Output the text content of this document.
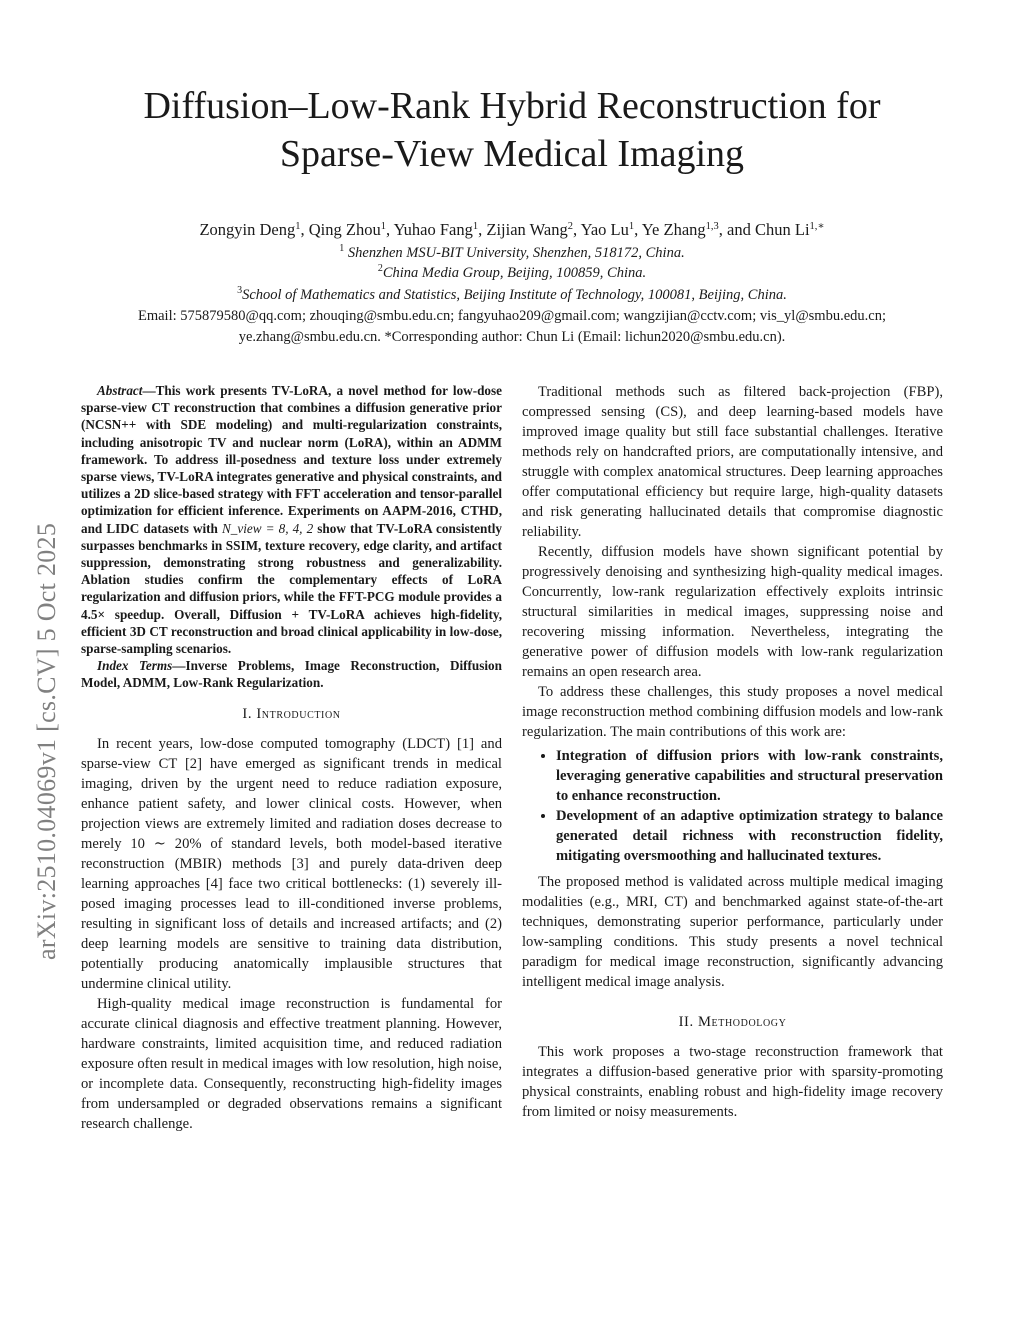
Diffusion–Low-Rank Hybrid Reconstruction for
Sparse-View Medical Imaging
Zongyin Deng$^1$, Qing Zhou$^1$, Yuhao Fang$^1$, Zijian Wang$^2$, Yao Lu$^1$, Ye Zhang$^{1,3}$, and Chun $Li^{1,∗}$
$^1$ Shenzhen MSU-BIT University, Shenzhen, 518172, China.
$^2$China Media Group, Beijing, 100859, China.
$^3$School of Mathematics and Statistics, Beijing Institute of Technology, 100081, Beijing, China.
Email: 575879580@qq.com; zhouqing@smbu.edu.cn; fangyuhao209@gmail.com; wangzijian@cctv.com; vis_yl@smbu.edu.cn;
ye.zhang@smbu.edu.cn. *Corresponding author: Chun Li (Email: lichun2020@smbu.edu.cn).
arXiv:2510.04069v1 [cs.CV] 5 Oct 2025

Abstract—This work presents TV-LoRA, a novel method for low-dose sparse-view CT reconstruction that combines a diffusion generative prior (NCSN++ with SDE modeling) and multi-regularization constraints, including anisotropic TV and nuclear norm (LoRA), within an ADMM framework. To address ill-posedness and texture loss under extremely sparse views, TV-LoRA integrates generative and physical constraints, and utilizes a 2D slice-based strategy with FFT acceleration and tensor-parallel optimization for efficient inference. Experiments on AAPM-2016, CTHD, and LIDC datasets with N_view = 8, 4, 2 show that TV-LoRA consistently surpasses benchmarks in SSIM, texture recovery, edge clarity, and artifact suppression, demonstrating strong robustness and generalizability. Ablation studies confirm the complementary effects of LoRA regularization and diffusion priors, while the FFT-PCG module provides a 4.5× speedup. Overall, Diffusion + TV-LoRA achieves high-fidelity, efficient 3D CT reconstruction and broad clinical applicability in low-dose, sparse-sampling scenarios.

Index Terms—Inverse Problems, Image Reconstruction, Diffusion Model, ADMM, Low-Rank Regularization.

I. Introduction

In recent years, low-dose computed tomography (LDCT) [1] and sparse-view CT [2] have emerged as significant trends in medical imaging, driven by the urgent need to reduce radiation exposure, enhance patient safety, and lower clinical costs. However, when projection views are extremely limited and radiation doses decrease to merely 10 ∼ 20% of standard levels, both model-based iterative reconstruction (MBIR) methods [3] and purely data-driven deep learning approaches [4] face two critical bottlenecks: (1) severely ill-posed imaging processes lead to ill-conditioned inverse problems, resulting in significant loss of details and increased artifacts; and (2) deep learning models are sensitive to training data distribution, potentially producing anatomically implausible structures that undermine clinical utility.

High-quality medical image reconstruction is fundamental for accurate clinical diagnosis and effective treatment planning. However, hardware constraints, limited acquisition time, and reduced radiation exposure often result in medical images with low resolution, high noise, or incomplete data. Consequently, reconstructing high-fidelity images from undersampled or degraded observations remains a significant research challenge.

Traditional methods such as filtered back-projection (FBP), compressed sensing (CS), and deep learning-based models have improved image quality but still face substantial challenges. Iterative methods rely on handcrafted priors, are computationally intensive, and struggle with complex anatomical structures. Deep learning approaches offer computational efficiency but require large, high-quality datasets and risk generating hallucinated details that compromise diagnostic reliability.

Recently, diffusion models have shown significant potential by progressively denoising and synthesizing high-quality medical images. Concurrently, low-rank regularization effectively exploits intrinsic structural similarities in medical images, suppressing noise and recovering missing information. Nevertheless, integrating the generative power of diffusion models with low-rank regularization remains an open research area.

To address these challenges, this study proposes a novel medical image reconstruction method combining diffusion models and low-rank regularization. The main contributions of this work are:

• Integration of diffusion priors with low-rank constraints, leveraging generative capabilities and structural preservation to enhance reconstruction.
• Development of an adaptive optimization strategy to balance generated detail richness with reconstruction fidelity, mitigating oversmoothing and hallucinated textures.

The proposed method is validated across multiple medical imaging modalities (e.g., MRI, CT) and benchmarked against state-of-the-art techniques, demonstrating superior performance, particularly under low-sampling conditions. This study presents a novel technical paradigm for medical image reconstruction, significantly advancing intelligent medical image analysis.

II. Methodology

This work proposes a two-stage reconstruction framework that integrates a diffusion-based generative prior with sparsity-promoting physical constraints, enabling robust and high-fidelity image recovery from limited or noisy measurements.
